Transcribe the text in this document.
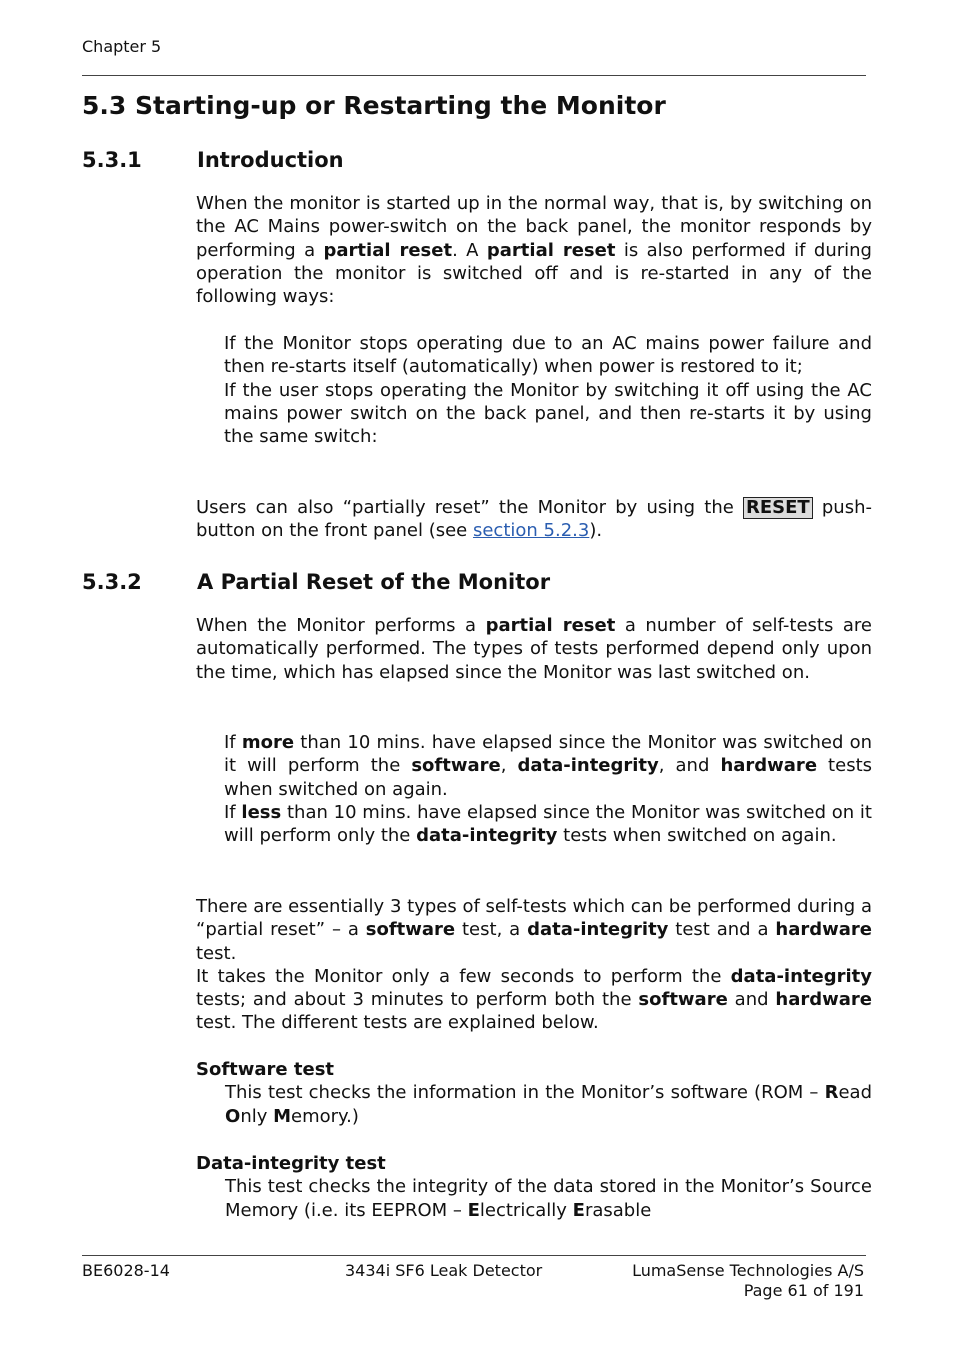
Chapter 5
5.3 Starting-up or Restarting the Monitor
5.3.1	Introduction

When the monitor is started up in the normal way, that is, by switching on the AC Mains power-switch on the back panel, the monitor responds by performing a partial reset. A partial reset is also performed if during operation the monitor is switched off and is re-started in any of the following ways:

If the Monitor stops operating due to an AC mains power failure and then re-starts itself (automatically) when power is restored to it;

If the user stops operating the Monitor by switching it off using the AC mains power switch on the back panel, and then re-starts it by using the same switch:

Users can also “partially reset” the Monitor by using the RESET push-button on the front panel (see section 5.2.3).

5.3.2	A Partial Reset of the Monitor

When the Monitor performs a partial reset a number of self-tests are automatically performed. The types of tests performed depend only upon the time, which has elapsed since the Monitor was last switched on.

If more than 10 mins. have elapsed since the Monitor was switched on it will perform the software, data-integrity, and hardware tests when switched on again.

If less than 10 mins. have elapsed since the Monitor was switched on it will perform only the data-integrity tests when switched on again.

There are essentially 3 types of self-tests which can be performed during a “partial reset” – a software test, a data-integrity test and a hardware test.

It takes the Monitor only a few seconds to perform the data-integrity tests; and about 3 minutes to perform both the software and hardware test. The different tests are explained below.

Software test

This test checks the information in the Monitor’s software (ROM – Read Only Memory.)

Data-integrity test

This test checks the integrity of the data stored in the Monitor’s Source Memory (i.e. its EEPROM – Electrically Erasable

BE6028-14	3434i SF6 Leak Detector	LumaSense Technologies A/S
Page 61 of 191
